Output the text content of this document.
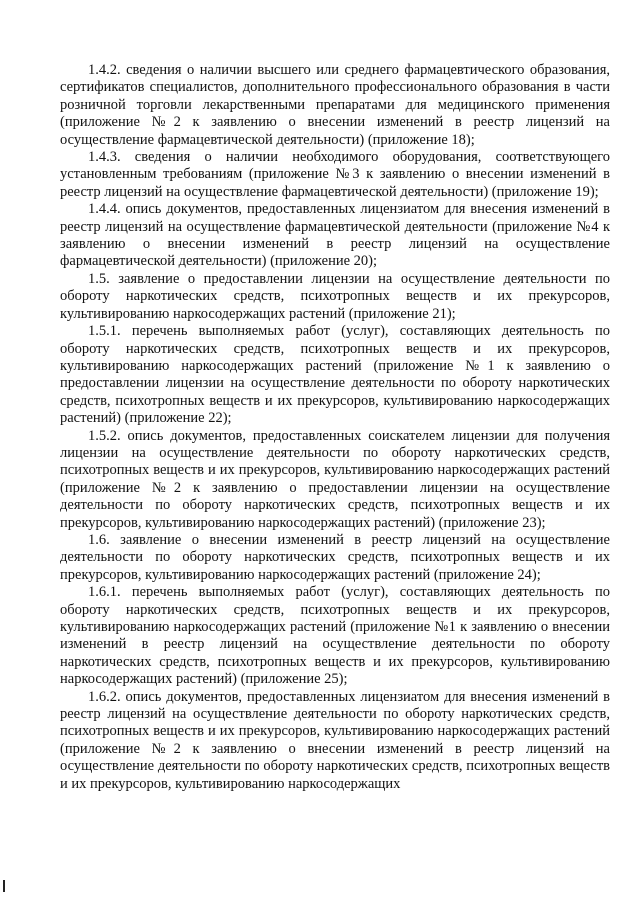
1.4.2. сведения о наличии высшего или среднего фармацевтического образования, сертификатов специалистов, дополнительного профессионального образования в части розничной торговли лекарственными препаратами для медицинского применения (приложение №2 к заявлению о внесении изменений в реестр лицензий на осуществление фармацевтической деятельности) (приложение 18);

1.4.3. сведения о наличии необходимого оборудования, соответствующего установленным требованиям (приложение №3 к заявлению о внесении изменений в реестр лицензий на осуществление фармацевтической деятельности) (приложение 19);

1.4.4. опись документов, предоставленных лицензиатом для внесения изменений в реестр лицензий на осуществление фармацевтической деятельности (приложение №4 к заявлению о внесении изменений в реестр лицензий на осуществление фармацевтической деятельности) (приложение 20);

1.5. заявление о предоставлении лицензии на осуществление деятельности по обороту наркотических средств, психотропных веществ и их прекурсоров, культивированию наркосодержащих растений (приложение 21);

1.5.1. перечень выполняемых работ (услуг), составляющих деятельность по обороту наркотических средств, психотропных веществ и их прекурсоров, культивированию наркосодержащих растений (приложение №1 к заявлению о предоставлении лицензии на осуществление деятельности по обороту наркотических средств, психотропных веществ и их прекурсоров, культивированию наркосодержащих растений) (приложение 22);

1.5.2. опись документов, предоставленных соискателем лицензии для получения лицензии на осуществление деятельности по обороту наркотических средств, психотропных веществ и их прекурсоров, культивированию наркосодержащих растений (приложение №2 к заявлению о предоставлении лицензии на осуществление деятельности по обороту наркотических средств, психотропных веществ и их прекурсоров, культивированию наркосодержащих растений) (приложение 23);

1.6. заявление о внесении изменений в реестр лицензий на осуществление деятельности по обороту наркотических средств, психотропных веществ и их прекурсоров, культивированию наркосодержащих растений (приложение 24);

1.6.1. перечень выполняемых работ (услуг), составляющих деятельность по обороту наркотических средств, психотропных веществ и их прекурсоров, культивированию наркосодержащих растений (приложение №1 к заявлению о внесении изменений в реестр лицензий на осуществление деятельности по обороту наркотических средств, психотропных веществ и их прекурсоров, культивированию наркосодержащих растений) (приложение 25);

1.6.2. опись документов, предоставленных лицензиатом для внесения изменений в реестр лицензий на осуществление деятельности по обороту наркотических средств, психотропных веществ и их прекурсоров, культивированию наркосодержащих растений (приложение №2 к заявлению о внесении изменений в реестр лицензий на осуществление деятельности по обороту наркотических средств, психотропных веществ и их прекурсоров, культивированию наркосодержащих
